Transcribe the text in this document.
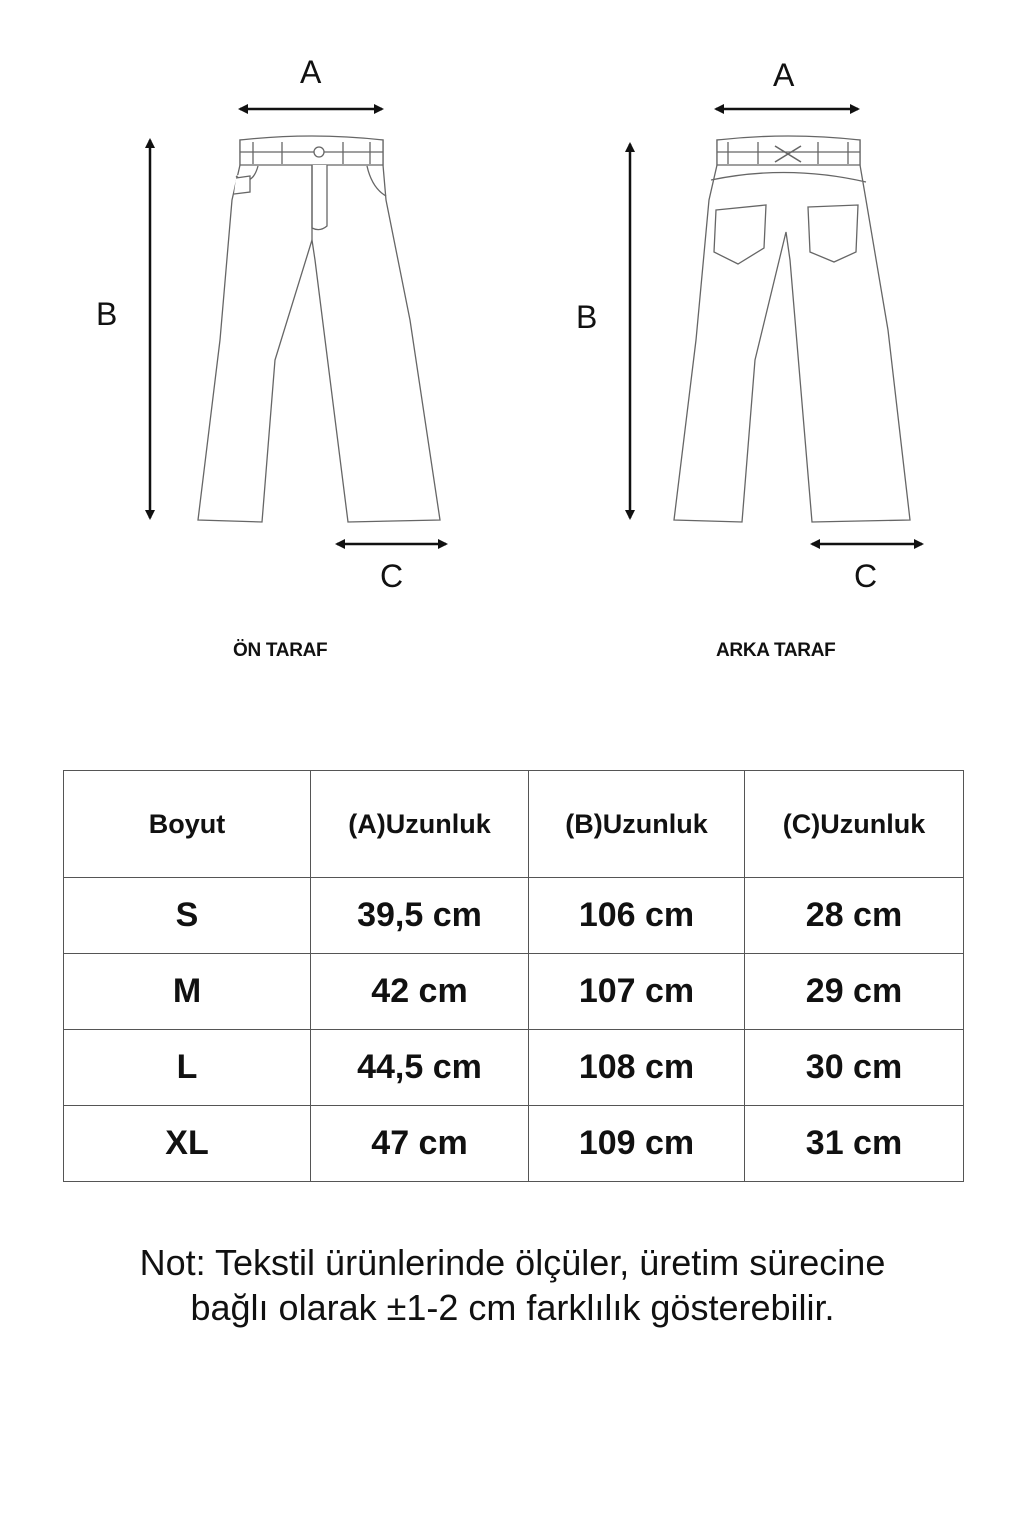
A
B
C
ÖN TARAF
A
B
C
ARKA TARAF
Boyut	(A)Uzunluk	(B)Uzunluk	(C)Uzunluk
S	39,5 cm	106 cm	28 cm
M	42 cm	107 cm	29 cm
L	44,5 cm	108 cm	30 cm
XL	47 cm	109 cm	31 cm
Not: Tekstil ürünlerinde ölçüler, üretim sürecine
bağlı olarak ±1-2 cm farklılık gösterebilir.
